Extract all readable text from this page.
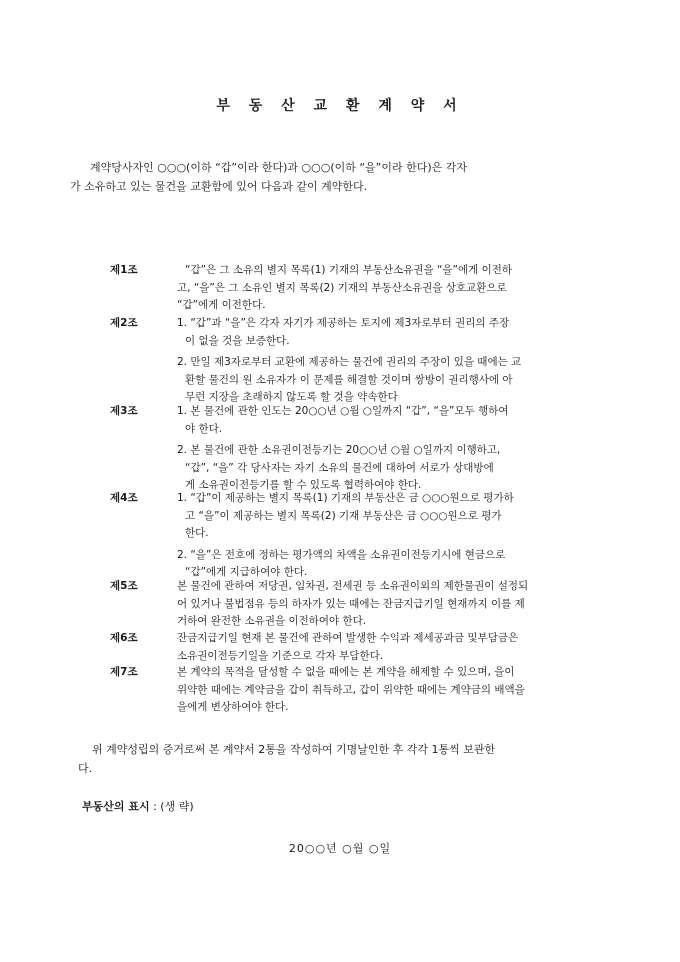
부 동 산 교 환 계 약 서

계약당사자인 ○○○(이하 “갑”이라 한다)과 ○○○(이하 “을”이라 한다)은 각자

가 소유하고 있는 물건을 교환함에 있어 다음과 같이 계약한다.

제1조	“갑”은 그 소유의 별지 목록(1) 기재의 부동산소유권을 “을”에게 이전하
고, “을”은 그 소유인 별지 목록(2) 기재의 부동산소유권을 상호교환으로
“갑”에게 이전한다.
제2조	1. “갑”과 “을”은 각자 자기가 제공하는 토지에 제3자로부터 권리의 주장
이 없을 것을 보증한다.
2. 만일 제3자로부터 교환에 제공하는 물건에 권리의 주장이 있을 때에는 교
환할 물건의 원 소유자가 이 문제를 해결할 것이며 쌍방이 권리행사에 아
무런 지장을 초래하지 않도록 할 것을 약속한다
제3조	1. 본 물건에 관한 인도는 20○○년 ○월 ○일까지 “갑”, “을”모두 행하여
야 한다.
2. 본 물건에 관한 소유권이전등기는 20○○년 ○월 ○일까지 이행하고,
“갑”, “을” 각 당사자는 자기 소유의 물건에 대하여 서로가 상대방에
게 소유권이전등기를 할 수 있도록 협력하여야 한다.
제4조	1. “갑”이 제공하는 별지 목록(1) 기재의 부동산은 금 ○○○원으로 평가하
고 “을”이 제공하는 별지 목록(2) 기재 부동산은 금 ○○○원으로 평가
한다.
2. “을”은 전호에 정하는 평가액의 차액을 소유권이전등기시에 현금으로
“갑”에게 지급하여야 한다.
제5조	본 물건에 관하여 저당권, 임차권, 전세권 등 소유권이외의 제한물권이 설정되
어 있거나 불법점유 등의 하자가 있는 때에는 잔금지급기일 현재까지 이를 제
거하여 완전한 소유권을 이전하여야 한다.
제6조	잔금지급기일 현재 본 물건에 관하여 발생한 수익과 제세공과금 및부담금은
소유권이전등기일을 기준으로 각자 부담한다.
제7조	본 계약의 목적을 달성할 수 없을 때에는 본 계약을 해제할 수 있으며, 을이
위약한 때에는 계약금을 갑이 취득하고, 갑이 위약한 때에는 계약금의 배액을
을에게 변상하여야 한다.

위 계약성립의 증거로써 본 계약서 2통을 작성하여 기명날인한 후 각각 1통씩 보관한

다.

부동산의 표시 : (생 략)
20○○년 ○월 ○일
